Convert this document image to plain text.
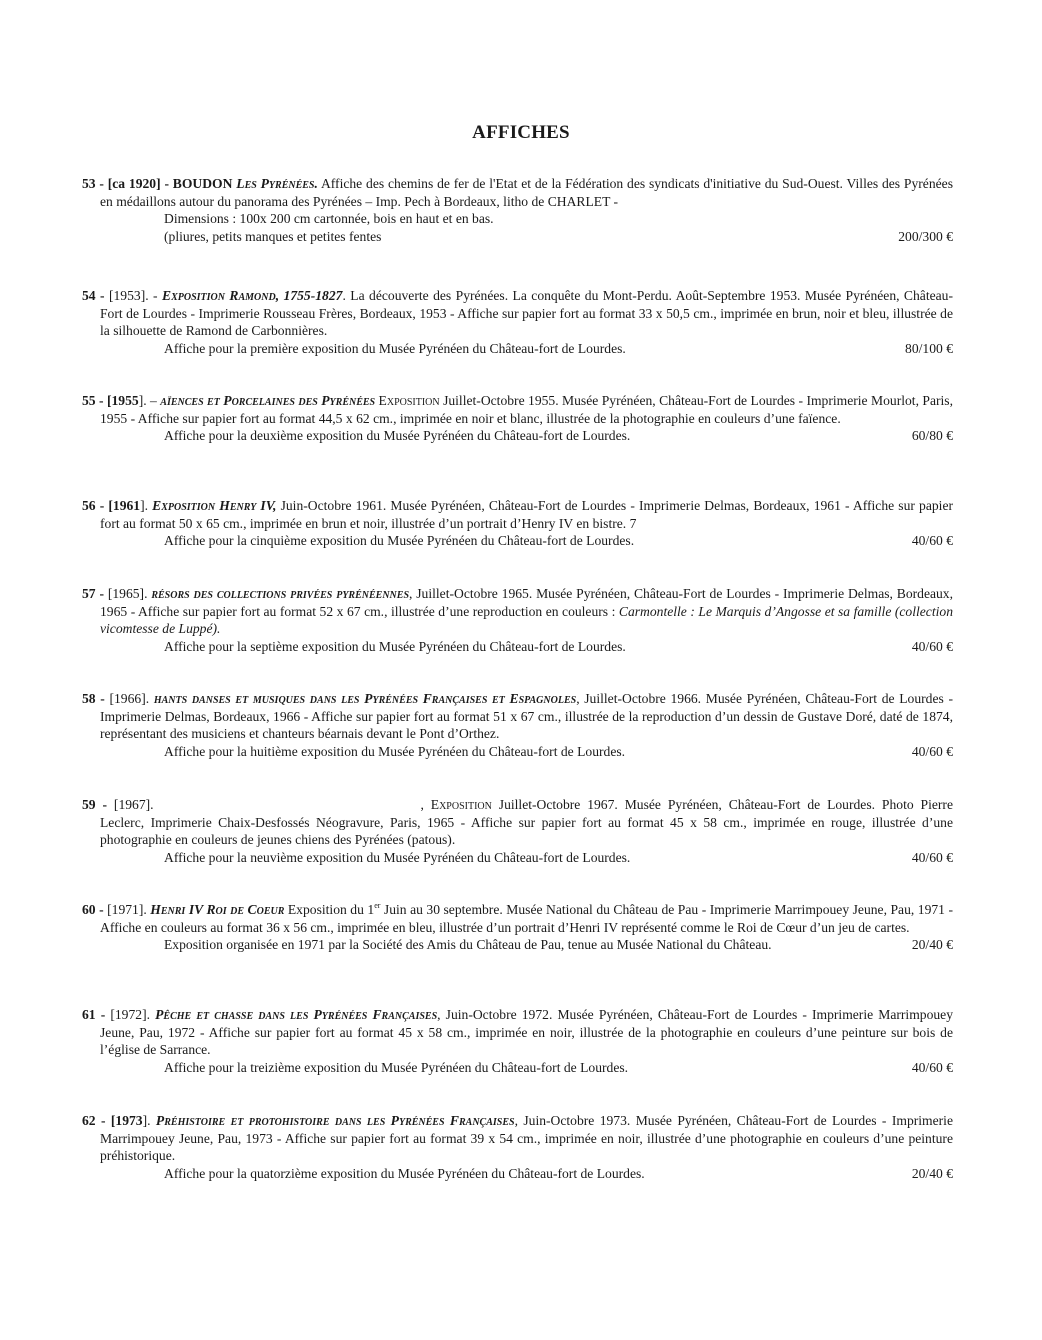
AFFICHES

53 - [ca 1920] - BOUDON Les Pyrénées. Affiche des chemins de fer de l'Etat et de la Fédération des syndicats d'initiative du Sud-Ouest. Villes des Pyrénées en médaillons autour du panorama des Pyrénées – Imp. Pech à Bordeaux, litho de CHARLET -

Dimensions : 100x 200 cm cartonnée, bois en haut et en bas.

(pliures, petits manques et petites fentes	200/300 €

54 - [1953]. - Exposition Ramond, 1755-1827. La découverte des Pyrénées. La conquête du Mont-Perdu. Août-Septembre 1953. Musée Pyrénéen, Château-Fort de Lourdes - Imprimerie Rousseau Frères, Bordeaux, 1953 - Affiche sur papier fort au format 33 x 50,5 cm., imprimée en brun, noir et bleu, illustrée de la silhouette de Ramond de Carbonnières.

Affiche pour la première exposition du Musée Pyrénéen du Château-fort de Lourdes.	80/100 €

55 - [1955]. – aïences et Porcelaines des Pyrénées Exposition Juillet-Octobre 1955. Musée Pyrénéen, Château-Fort de Lourdes - Imprimerie Mourlot, Paris, 1955 - Affiche sur papier fort au format 44,5 x 62 cm., imprimée en noir et blanc, illustrée de la photographie en couleurs d’une faïence.

Affiche pour la deuxième exposition du Musée Pyrénéen du Château-fort de Lourdes.	60/80 €

56 - [1961]. Exposition Henry IV, Juin-Octobre 1961. Musée Pyrénéen, Château-Fort de Lourdes - Imprimerie Delmas, Bordeaux, 1961 - Affiche sur papier fort au format 50 x 65 cm., imprimée en brun et noir, illustrée d’un portrait d’Henry IV en bistre. 7

Affiche pour la cinquième exposition du Musée Pyrénéen du Château-fort de Lourdes.	40/60 €

57 - [1965]. résors des collections privées pyrénéennes, Juillet-Octobre 1965. Musée Pyrénéen, Château-Fort de Lourdes - Imprimerie Delmas, Bordeaux, 1965 - Affiche sur papier fort au format 52 x 67 cm., illustrée d’une reproduction en couleurs : Carmontelle : Le Marquis d’Angosse et sa famille (collection vicomtesse de Luppé).

Affiche pour la septième exposition du Musée Pyrénéen du Château-fort de Lourdes.	40/60 €

58 - [1966]. hants danses et musiques dans les Pyrénées Françaises et Espagnoles, Juillet-Octobre 1966. Musée Pyrénéen, Château-Fort de Lourdes - Imprimerie Delmas, Bordeaux, 1966 - Affiche sur papier fort au format 51 x 67 cm., illustrée de la reproduction d’un dessin de Gustave Doré, daté de 1874, représentant des musiciens et chanteurs béarnais devant le Pont d’Orthez.

Affiche pour la huitième exposition du Musée Pyrénéen du Château-fort de Lourdes.	40/60 €

59 - [1967].	, Exposition Juillet-Octobre 1967. Musée Pyrénéen, Château-Fort de Lourdes. Photo Pierre Leclerc, Imprimerie Chaix-Desfossés Néogravure, Paris, 1965 - Affiche sur papier fort au format 45 x 58 cm., imprimée en rouge, illustrée d’une photographie en couleurs de jeunes chiens des Pyrénées (patous).

Affiche pour la neuvième exposition du Musée Pyrénéen du Château-fort de Lourdes.	40/60 €

60 - [1971]. Henri IV Roi de Coeur Exposition du 1er Juin au 30 septembre. Musée National du Château de Pau - Imprimerie Marrimpouey Jeune, Pau, 1971 - Affiche en couleurs au format 36 x 56 cm., imprimée en bleu, illustrée d’un portrait d’Henri IV représenté comme le Roi de Cœur d’un jeu de cartes.

Exposition organisée en 1971 par la Société des Amis du Château de Pau, tenue au Musée National du Château.	20/40 €

61 - [1972]. Pêche et chasse dans les Pyrénées Françaises, Juin-Octobre 1972. Musée Pyrénéen, Château-Fort de Lourdes - Imprimerie Marrimpouey Jeune, Pau, 1972 - Affiche sur papier fort au format 45 x 58 cm., imprimée en noir, illustrée de la photographie en couleurs d’une peinture sur bois de l’église de Sarrance.

Affiche pour la treizième exposition du Musée Pyrénéen du Château-fort de Lourdes.	40/60 €

62 - [1973]. Préhistoire et protohistoire dans les Pyrénées Françaises, Juin-Octobre 1973. Musée Pyrénéen, Château-Fort de Lourdes - Imprimerie Marrimpouey Jeune, Pau, 1973 - Affiche sur papier fort au format 39 x 54 cm., imprimée en noir, illustrée d’une photographie en couleurs d’une peinture préhistorique.

Affiche pour la quatorzième exposition du Musée Pyrénéen du Château-fort de Lourdes.	20/40 €
